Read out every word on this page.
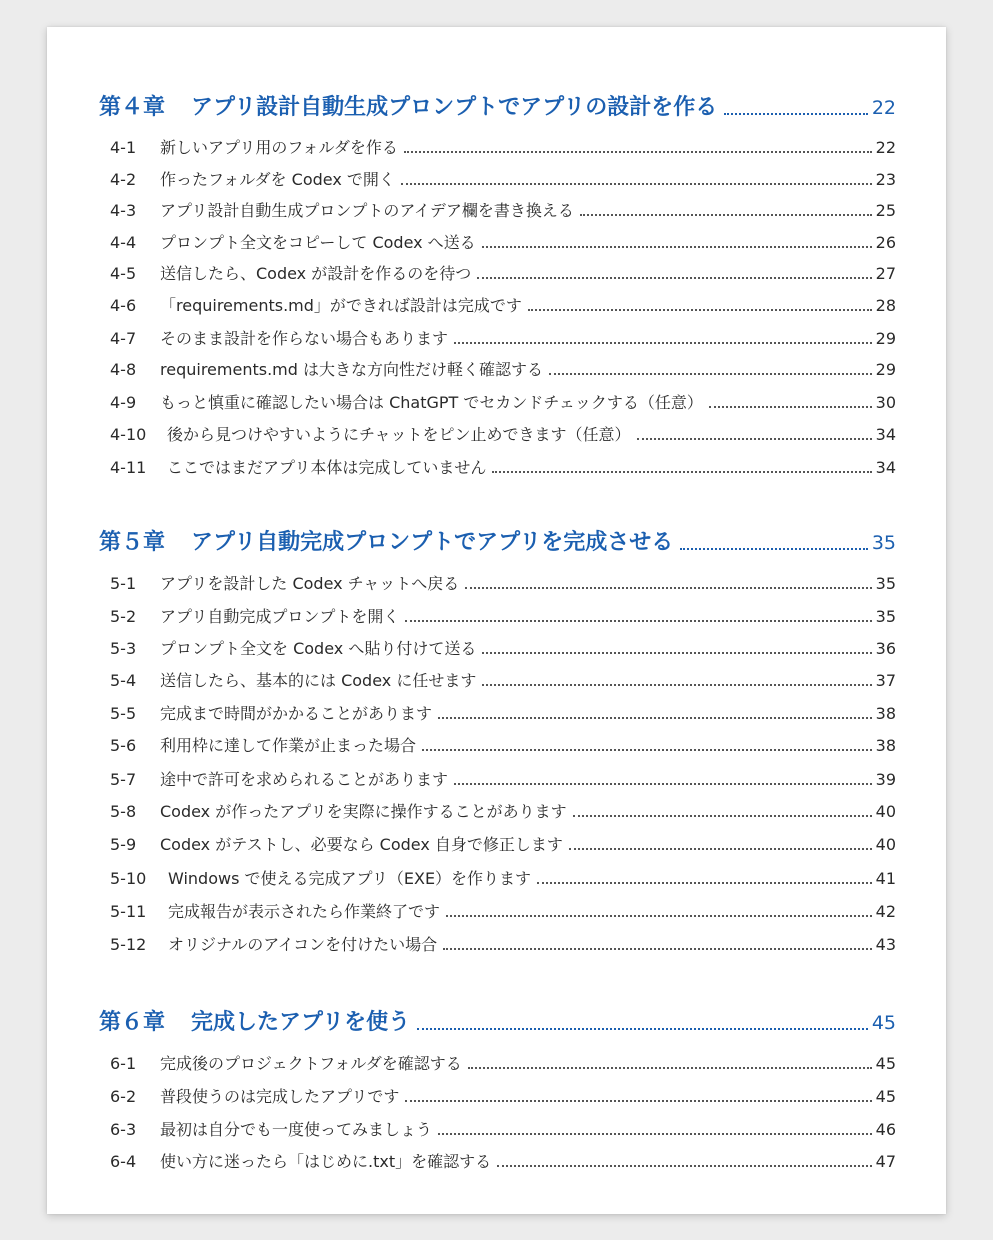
第４章 アプリ設計自動生成プロンプトでアプリの設計を作る	22
4-1	新しいアプリ用のフォルダを作る	22
4-2	作ったフォルダを Codex で開く	23
4-3	アプリ設計自動生成プロンプトのアイデア欄を書き換える	25
4-4	プロンプト全文をコピーして Codex へ送る	26
4-5	送信したら、Codex が設計を作るのを待つ	27
4-6	「requirements.md」ができれば設計は完成です	28
4-7	そのまま設計を作らない場合もあります	29
4-8	requirements.md は大きな方向性だけ軽く確認する	29
4-9	もっと慎重に確認したい場合は ChatGPT でセカンドチェックする（任意）	30
4-10	後から見つけやすいようにチャットをピン止めできます（任意）	34
4-11	ここではまだアプリ本体は完成していません	34
第５章 アプリ自動完成プロンプトでアプリを完成させる	35
5-1	アプリを設計した Codex チャットへ戻る	35
5-2	アプリ自動完成プロンプトを開く	35
5-3	プロンプト全文を Codex へ貼り付けて送る	36
5-4	送信したら、基本的には Codex に任せます	37
5-5	完成まで時間がかかることがあります	38
5-6	利用枠に達して作業が止まった場合	38
5-7	途中で許可を求められることがあります	39
5-8	Codex が作ったアプリを実際に操作することがあります	40
5-9	Codex がテストし、必要なら Codex 自身で修正します	40
5-10	Windows で使える完成アプリ（EXE）を作ります	41
5-11	完成報告が表示されたら作業終了です	42
5-12	オリジナルのアイコンを付けたい場合	43
第６章 完成したアプリを使う	45
6-1	完成後のプロジェクトフォルダを確認する	45
6-2	普段使うのは完成したアプリです	45
6-3	最初は自分でも一度使ってみましょう	46
6-4	使い方に迷ったら「はじめに.txt」を確認する	47
